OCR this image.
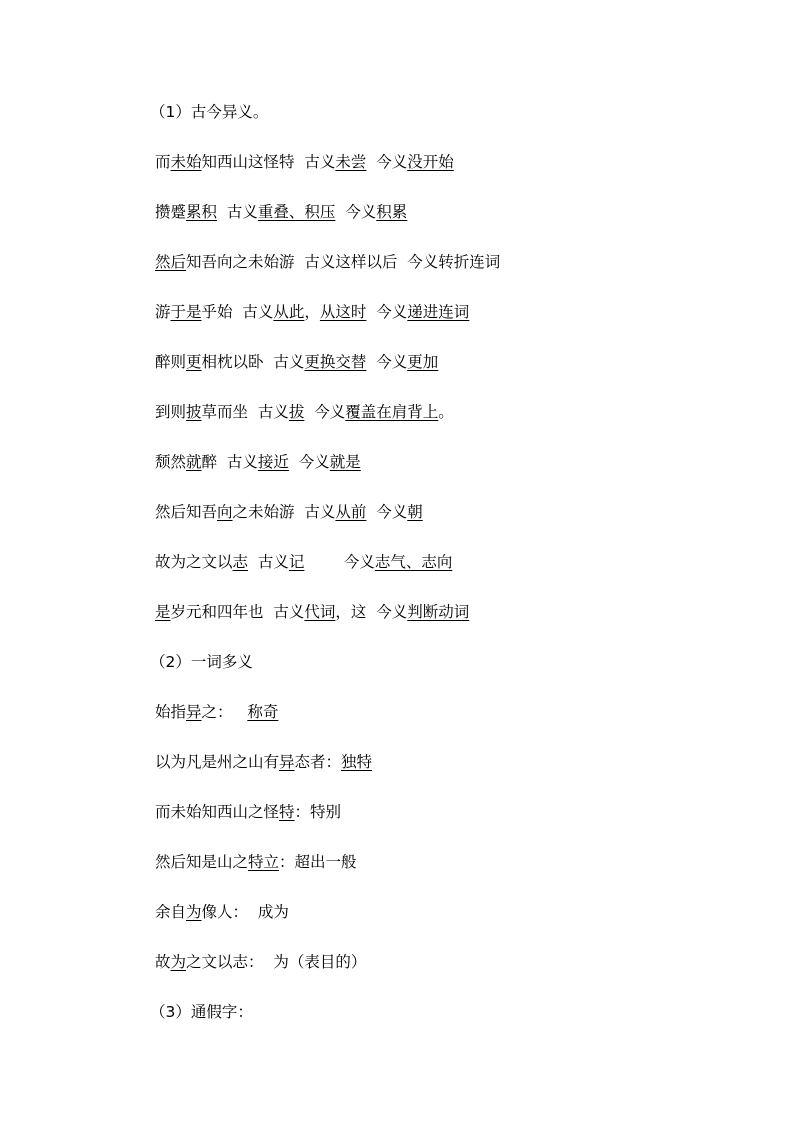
（1）古今异义。
而未始知西山这怪特  古义未尝  今义没开始
攒蹙累积  古义重叠、积压  今义积累
然后知吾向之未始游  古义这样以后  今义转折连词
游于是乎始  古义从此，从这时  今义递进连词
醉则更相枕以卧  古义更换交替  今义更加
到则披草而坐  古义拔  今义覆盖在肩背上。
颓然就醉  古义接近  今义就是
然后知吾向之未始游  古义从前  今义朝
故为之文以志  古义记        今义志气、志向
是岁元和四年也  古义代词，这  今义判断动词
（2）一词多义
始指异之：   称奇
以为凡是州之山有异态者：独特
而未始知西山之怪特：特别
然后知是山之特立：超出一般
余自为像人：  成为
故为之文以志：  为（表目的）
（3）通假字：
